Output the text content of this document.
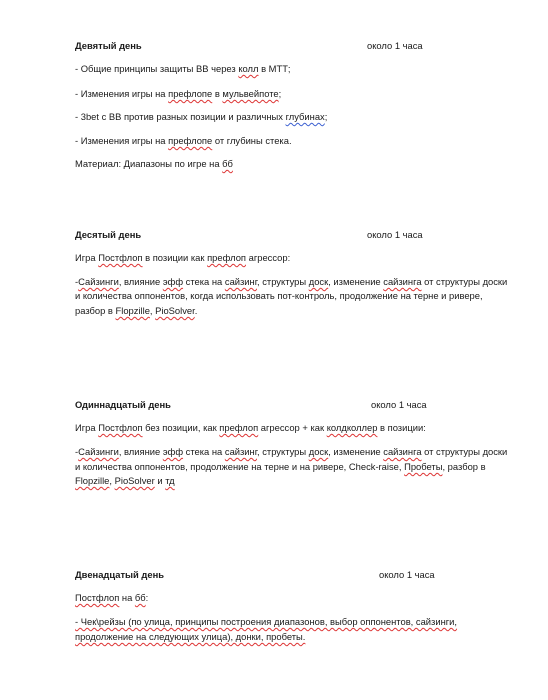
Девятый день	около 1 часа
- Общие принципы защиты ВВ через колл в МТТ;
- Изменения игры на префлопе в мульвейпоте;
- 3bet с ВВ против разных позиции и различных глубинах;
- Изменения игры на префлопе от глубины стека.
Материал: Диапазоны по игре на бб
Десятый день	около 1 часа
Игра Постфлоп в позиции как префлоп агрессор:
-Сайзинги, влияние эфф стека на сайзинг, структуры доск, изменение сайзинга от структуры доски
и количества оппонентов, когда использовать пот-контроль, продолжение на терне и ривере,
разбор в Flopzille, PioSolver.
Одиннадцатый день	около 1 часа
Игра Постфлоп без позиции, как префлоп агрессор + как колдколлер в позиции:
-Сайзинги, влияние эфф стека на сайзинг, структуры доск, изменение сайзинга от структуры доски
и количества оппонентов, продолжение на терне и на ривере, Check-raise, Пробеты, разбор в
Flopzille, PioSolver и тд
Двенадцатый день	около 1 часа
Постфлоп на бб:
- Чек\рейзы (по улица, принципы построения диапазонов, выбор оппонентов, сайзинги,
продолжение на следующих улица), донки, пробеты.
